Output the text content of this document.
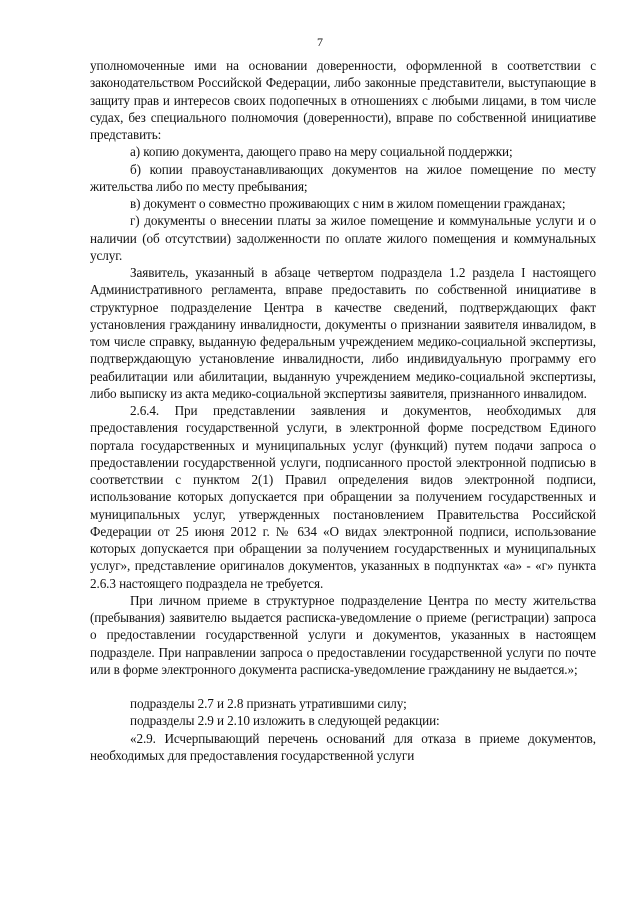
7

уполномоченные ими на основании доверенности, оформленной в соответствии с законодательством Российской Федерации, либо законные представители, выступающие в защиту прав и интересов своих подопечных в отношениях с любыми лицами, в том числе судах, без специального полномочия (доверенности), вправе по собственной инициативе представить:

а) копию документа, дающего право на меру социальной поддержки;

б) копии правоустанавливающих документов на жилое помещение по месту жительства либо по месту пребывания;

в) документ о совместно проживающих с ним в жилом помещении гражданах;

г) документы о внесении платы за жилое помещение и коммунальные услуги и о наличии (об отсутствии) задолженности по оплате жилого помещения и коммунальных услуг.

Заявитель, указанный в абзаце четвертом подраздела 1.2 раздела I настоящего Административного регламента, вправе предоставить по собственной инициативе в структурное подразделение Центра в качестве сведений, подтверждающих факт установления гражданину инвалидности, документы о признании заявителя инвалидом, в том числе справку, выданную федеральным учреждением медико-социальной экспертизы, подтверждающую установление инвалидности, либо индивидуальную программу его реабилитации или абилитации, выданную учреждением медико-социальной экспертизы, либо выписку из акта медико-социальной экспертизы заявителя, признанного инвалидом.

2.6.4. При представлении заявления и документов, необходимых для предоставления государственной услуги, в электронной форме посредством Единого портала государственных и муниципальных услуг (функций) путем подачи запроса о предоставлении государственной услуги, подписанного простой электронной подписью в соответствии с пунктом 2(1) Правил определения видов электронной подписи, использование которых допускается при обращении за получением государственных и муниципальных услуг, утвержденных постановлением Правительства Российской Федерации от 25 июня 2012 г. № 634 «О видах электронной подписи, использование которых допускается при обращении за получением государственных и муниципальных услуг», представление оригиналов документов, указанных в подпунктах «а» - «г» пункта 2.6.3 настоящего подраздела не требуется.

При личном приеме в структурное подразделение Центра по месту жительства (пребывания) заявителю выдается расписка-уведомление о приеме (регистрации) запроса о предоставлении государственной услуги и документов, указанных в настоящем подразделе. При направлении запроса о предоставлении государственной услуги по почте или в форме электронного документа расписка-уведомление гражданину не выдается.»;

подразделы 2.7 и 2.8 признать утратившими силу;

подразделы 2.9 и 2.10 изложить в следующей редакции:

«2.9. Исчерпывающий перечень оснований для отказа в приеме документов, необходимых для предоставления государственной услуги
